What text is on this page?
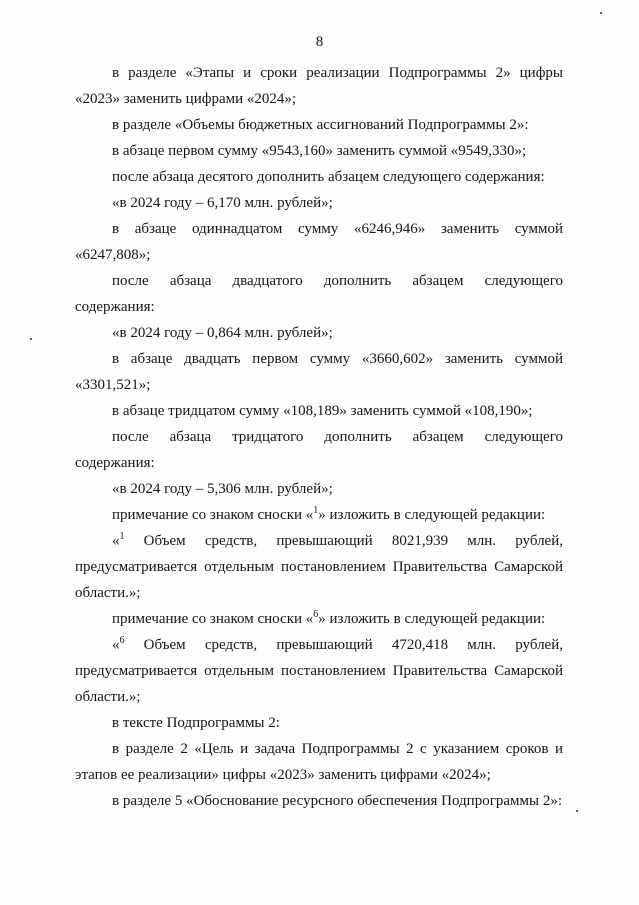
8
в разделе «Этапы и сроки реализации Подпрограммы 2» цифры
«2023» заменить цифрами «2024»;
в разделе «Объемы бюджетных ассигнований Подпрограммы 2»:
в абзаце первом сумму «9543,160» заменить суммой «9549,330»;
после абзаца десятого дополнить абзацем следующего содержания:
«в 2024 году – 6,170 млн. рублей»;
в абзаце одиннадцатом сумму «6246,946» заменить суммой
«6247,808»;
после абзаца двадцатого дополнить абзацем следующего
содержания:
«в 2024 году – 0,864 млн. рублей»;
в абзаце двадцать первом сумму «3660,602» заменить суммой
«3301,521»;
в абзаце тридцатом сумму «108,189» заменить суммой «108,190»;
после абзаца тридцатого дополнить абзацем следующего
содержания:
«в 2024 году – 5,306 млн. рублей»;
примечание со знаком сноски «$^1$» изложить в следующей редакции:
«$^1$ Объем средств, превышающий 8021,939 млн. рублей,
предусматривается отдельным постановлением Правительства Самарской
области.»;
примечание со знаком сноски «$^6$» изложить в следующей редакции:
«$^6$ Объем средств, превышающий 4720,418 млн. рублей,
предусматривается отдельным постановлением Правительства Самарской
области.»;
в тексте Подпрограммы 2:
в разделе 2 «Цель и задача Подпрограммы 2 с указанием сроков и
этапов ее реализации» цифры «2023» заменить цифрами «2024»;
в разделе 5 «Обоснование ресурсного обеспечения Подпрограммы 2»:
